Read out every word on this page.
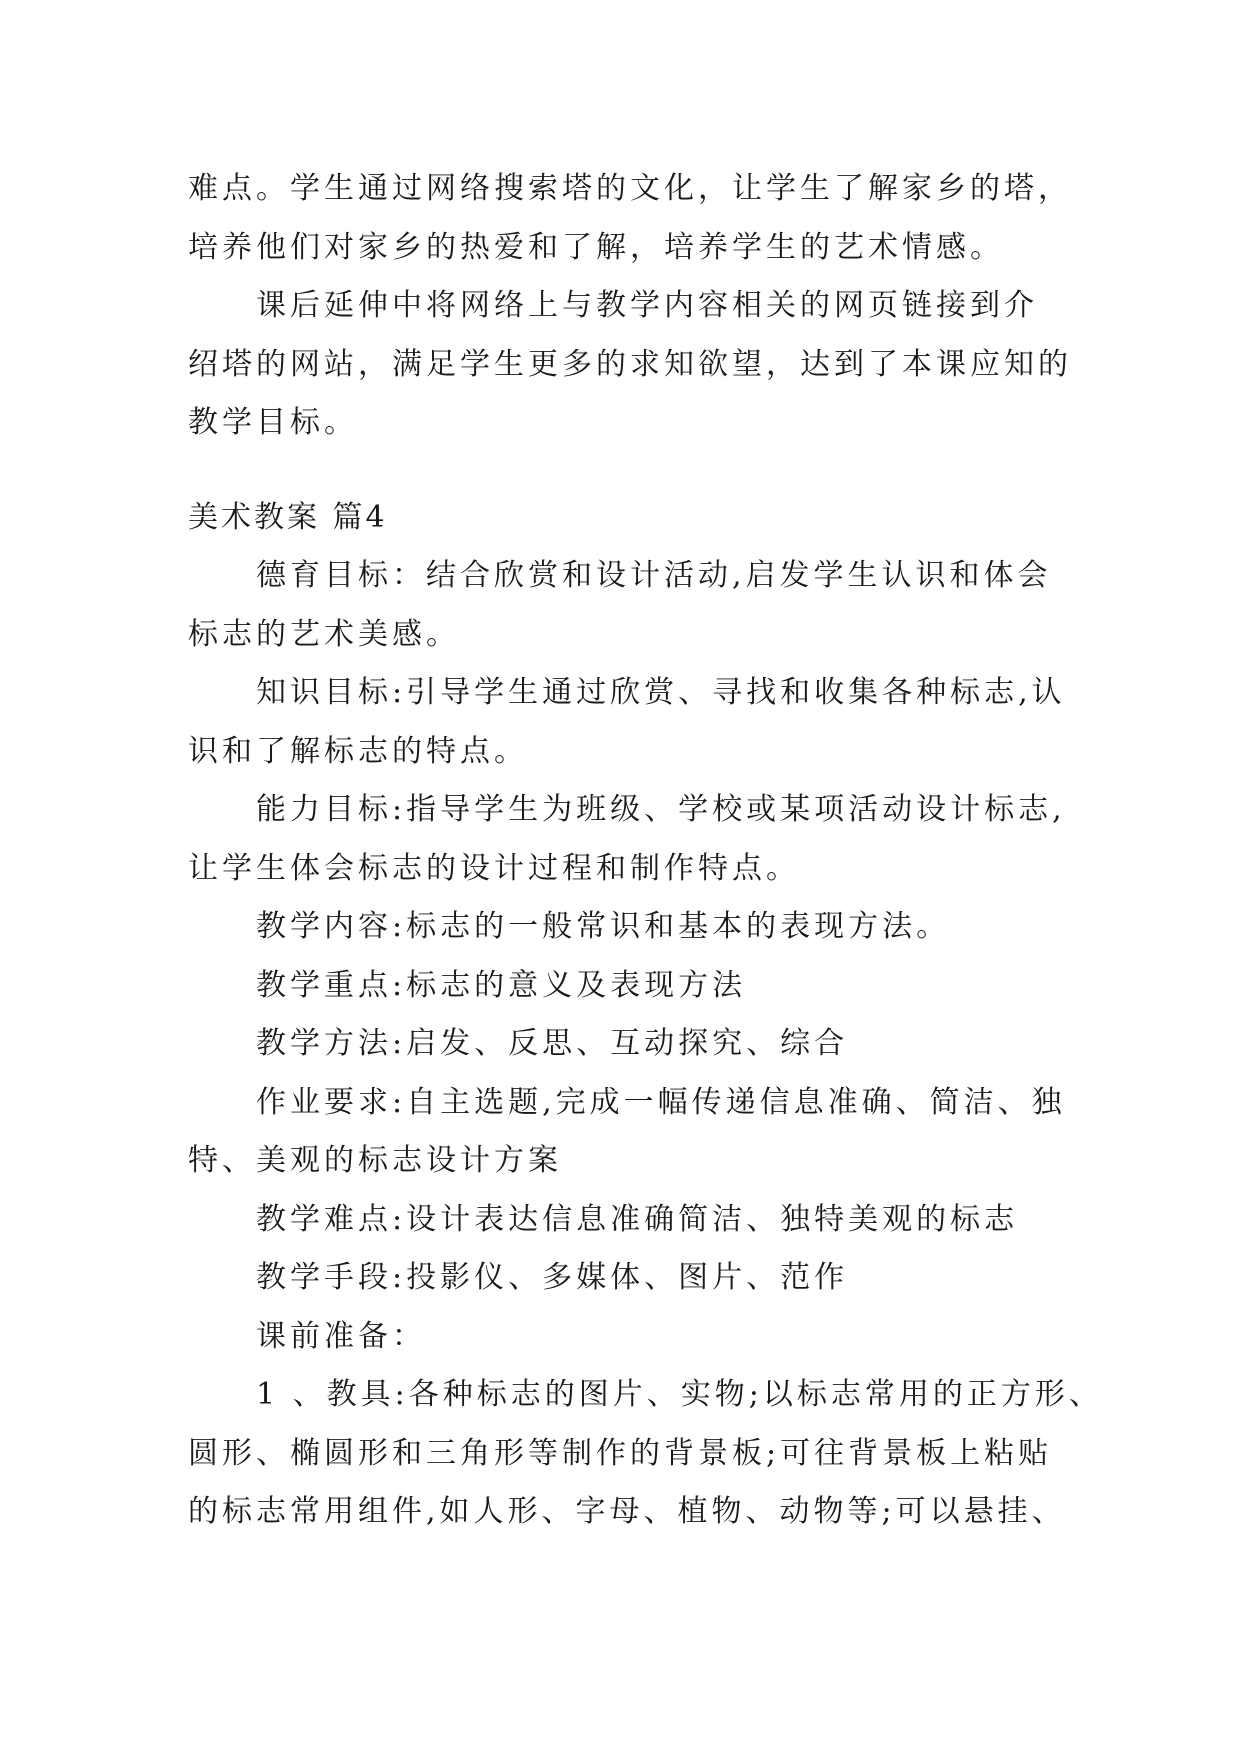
难点。学生通过网络搜索塔的文化，让学生了解家乡的塔，
培养他们对家乡的热爱和了解，培养学生的艺术情感。
课后延伸中将网络上与教学内容相关的网页链接到介
绍塔的网站，满足学生更多的求知欲望，达到了本课应知的
教学目标。
美术教案 篇4
德育目标：结合欣赏和设计活动,启发学生认识和体会
标志的艺术美感。
知识目标:引导学生通过欣赏、寻找和收集各种标志,认
识和了解标志的特点。
能力目标:指导学生为班级、学校或某项活动设计标志,
让学生体会标志的设计过程和制作特点。
教学内容:标志的一般常识和基本的表现方法。
教学重点:标志的意义及表现方法
教学方法:启发、反思、互动探究、综合
作业要求:自主选题,完成一幅传递信息准确、简洁、独
特、美观的标志设计方案
教学难点:设计表达信息准确简洁、独特美观的标志
教学手段:投影仪、多媒体、图片、范作
课前准备：
1 、教具:各种标志的图片、实物;以标志常用的正方形、
圆形、椭圆形和三角形等制作的背景板;可往背景板上粘贴
的标志常用组件,如人形、字母、植物、动物等;可以悬挂、
